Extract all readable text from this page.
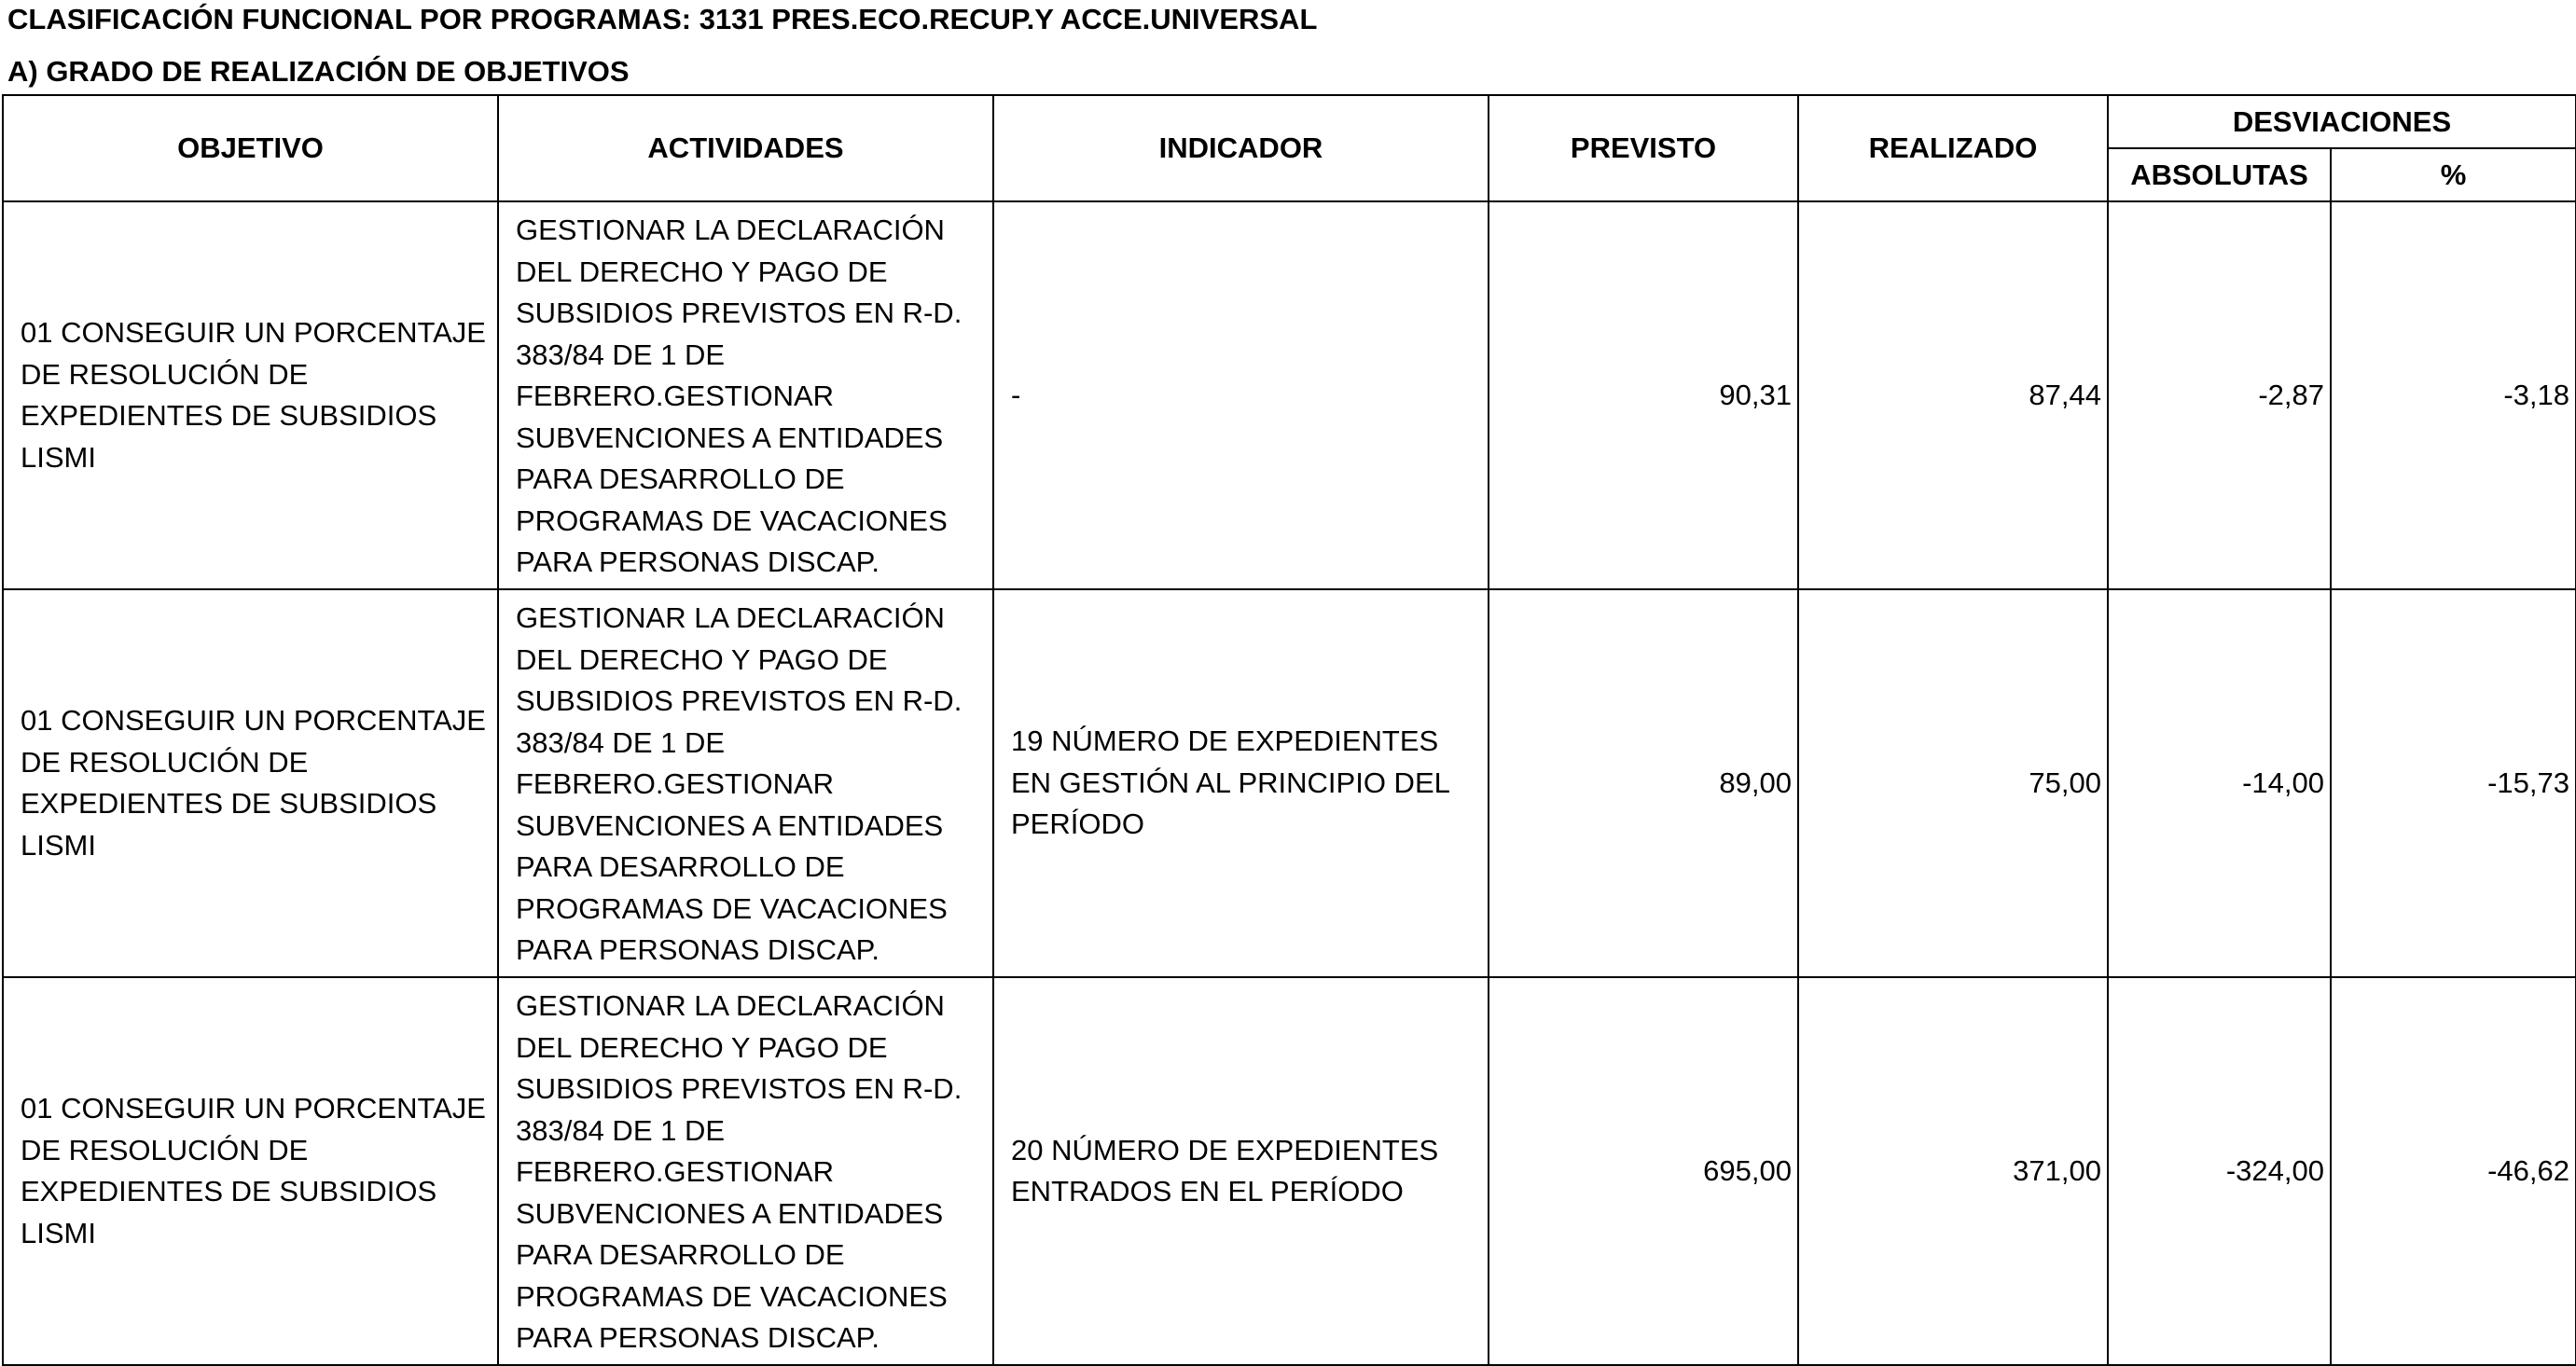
CLASIFICACIÓN FUNCIONAL POR PROGRAMAS: 3131 PRES.ECO.RECUP.Y ACCE.UNIVERSAL
A) GRADO DE REALIZACIÓN DE OBJETIVOS
OBJETIVO	ACTIVIDADES	INDICADOR	PREVISTO	REALIZADO	DESVIACIONES	
					ABSOLUTAS	%
01 CONSEGUIR UN PORCENTAJE DE RESOLUCIÓN DE EXPEDIENTES DE SUBSIDIOS LISMI	GESTIONAR LA DECLARACIÓN DEL DERECHO Y PAGO DE SUBSIDIOS PREVISTOS EN R-D. 383/84 DE 1 DE FEBRERO.GESTIONAR SUBVENCIONES A ENTIDADES PARA DESARROLLO DE PROGRAMAS DE VACACIONES PARA PERSONAS DISCAP.	-	90,31	87,44	-2,87	-3,18
01 CONSEGUIR UN PORCENTAJE DE RESOLUCIÓN DE EXPEDIENTES DE SUBSIDIOS LISMI	GESTIONAR LA DECLARACIÓN DEL DERECHO Y PAGO DE SUBSIDIOS PREVISTOS EN R-D. 383/84 DE 1 DE FEBRERO.GESTIONAR SUBVENCIONES A ENTIDADES PARA DESARROLLO DE PROGRAMAS DE VACACIONES PARA PERSONAS DISCAP.	19 NÚMERO DE EXPEDIENTES EN GESTIÓN AL PRINCIPIO DEL PERÍODO	89,00	75,00	-14,00	-15,73
01 CONSEGUIR UN PORCENTAJE DE RESOLUCIÓN DE EXPEDIENTES DE SUBSIDIOS LISMI	GESTIONAR LA DECLARACIÓN DEL DERECHO Y PAGO DE SUBSIDIOS PREVISTOS EN R-D. 383/84 DE 1 DE FEBRERO.GESTIONAR SUBVENCIONES A ENTIDADES PARA DESARROLLO DE PROGRAMAS DE VACACIONES PARA PERSONAS DISCAP.	20 NÚMERO DE EXPEDIENTES ENTRADOS EN EL PERÍODO	695,00	371,00	-324,00	-46,62
